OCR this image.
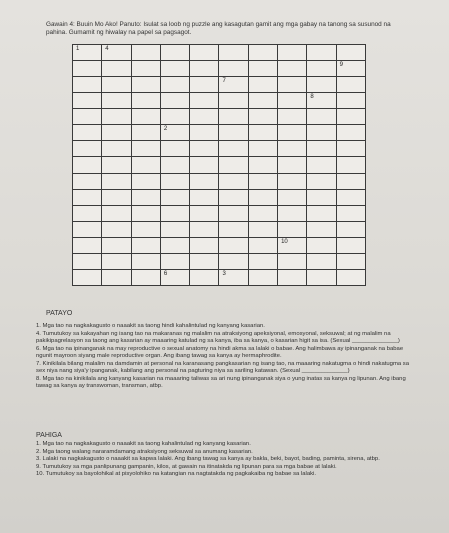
Gawain 4: Buuin Mo Ako! Panuto: Isulat sa loob ng puzzle ang kasagutan gamit ang mga gabay na tanong sa susunod na pahina. Gumamit ng hiwalay na papel sa pagsagot.
1	4								

									9

					7				

								8	

			2						

							10		

			6		3				

PATAYO

1. Mga tao na nagkakagusto o naaakit sa taong hindi kahalintulad ng kanyang kasarian.

4. Tumutukoy sa kakayahan ng isang tao na makaranas ng malalim na atraksiyong apeksiyonal, emosyonal, seksuwal; at ng malalim na pakikipagrelasyon sa taong ang kasarian ay maaaring katulad ng sa kanya, iba sa kanya, o kasarian higit sa isa. (Sexual ______________)

6. Mga tao na ipinanganak na may reproductive o sexual anatomy na hindi akma sa lalaki o babae. Ang halimbawa ay ipinanganak na babae ngunit mayroon siyang male reproductive organ. Ang ibang tawag sa kanya ay hermaphrodite.

7. Kinikilala bilang malalim na damdamin at personal na karanasang pangkasarian ng isang tao, na maaaring nakatugma o hindi nakatugma sa sex niya nang siya'y ipanganak, kabilang ang personal na pagturing niya sa sariling katawan. (Sexual ______________)

8. Mga tao na kinikilala ang kanyang kasarian na maaaring taliwas sa ari nung ipinanganak siya o yung inatas sa kanya ng lipunan. Ang ibang tawag sa kanya ay transwoman, transman, atbp.

PAHIGA

1. Mga tao na nagkakagusto o naaakit sa taong kahalintulad ng kanyang kasarian.

2. Mga taong walang nararamdamang atraksiyong seksuwal sa anumang kasarian.

3. Lalaki na nagkakagusto o naaakit sa kapwa lalaki. Ang ibang tawag sa kanya ay bakla, beki, bayot, bading, paminta, sirena, atbp.

9. Tumutukoy sa mga panlipunang gampanin, kilos, at gawain na itinatakda ng lipunan para sa mga babae at lalaki.

10. Tumutukoy sa bayolohikal at pisyolohiko na katangian na nagtatakda ng pagkakaiba ng babae sa lalaki.
